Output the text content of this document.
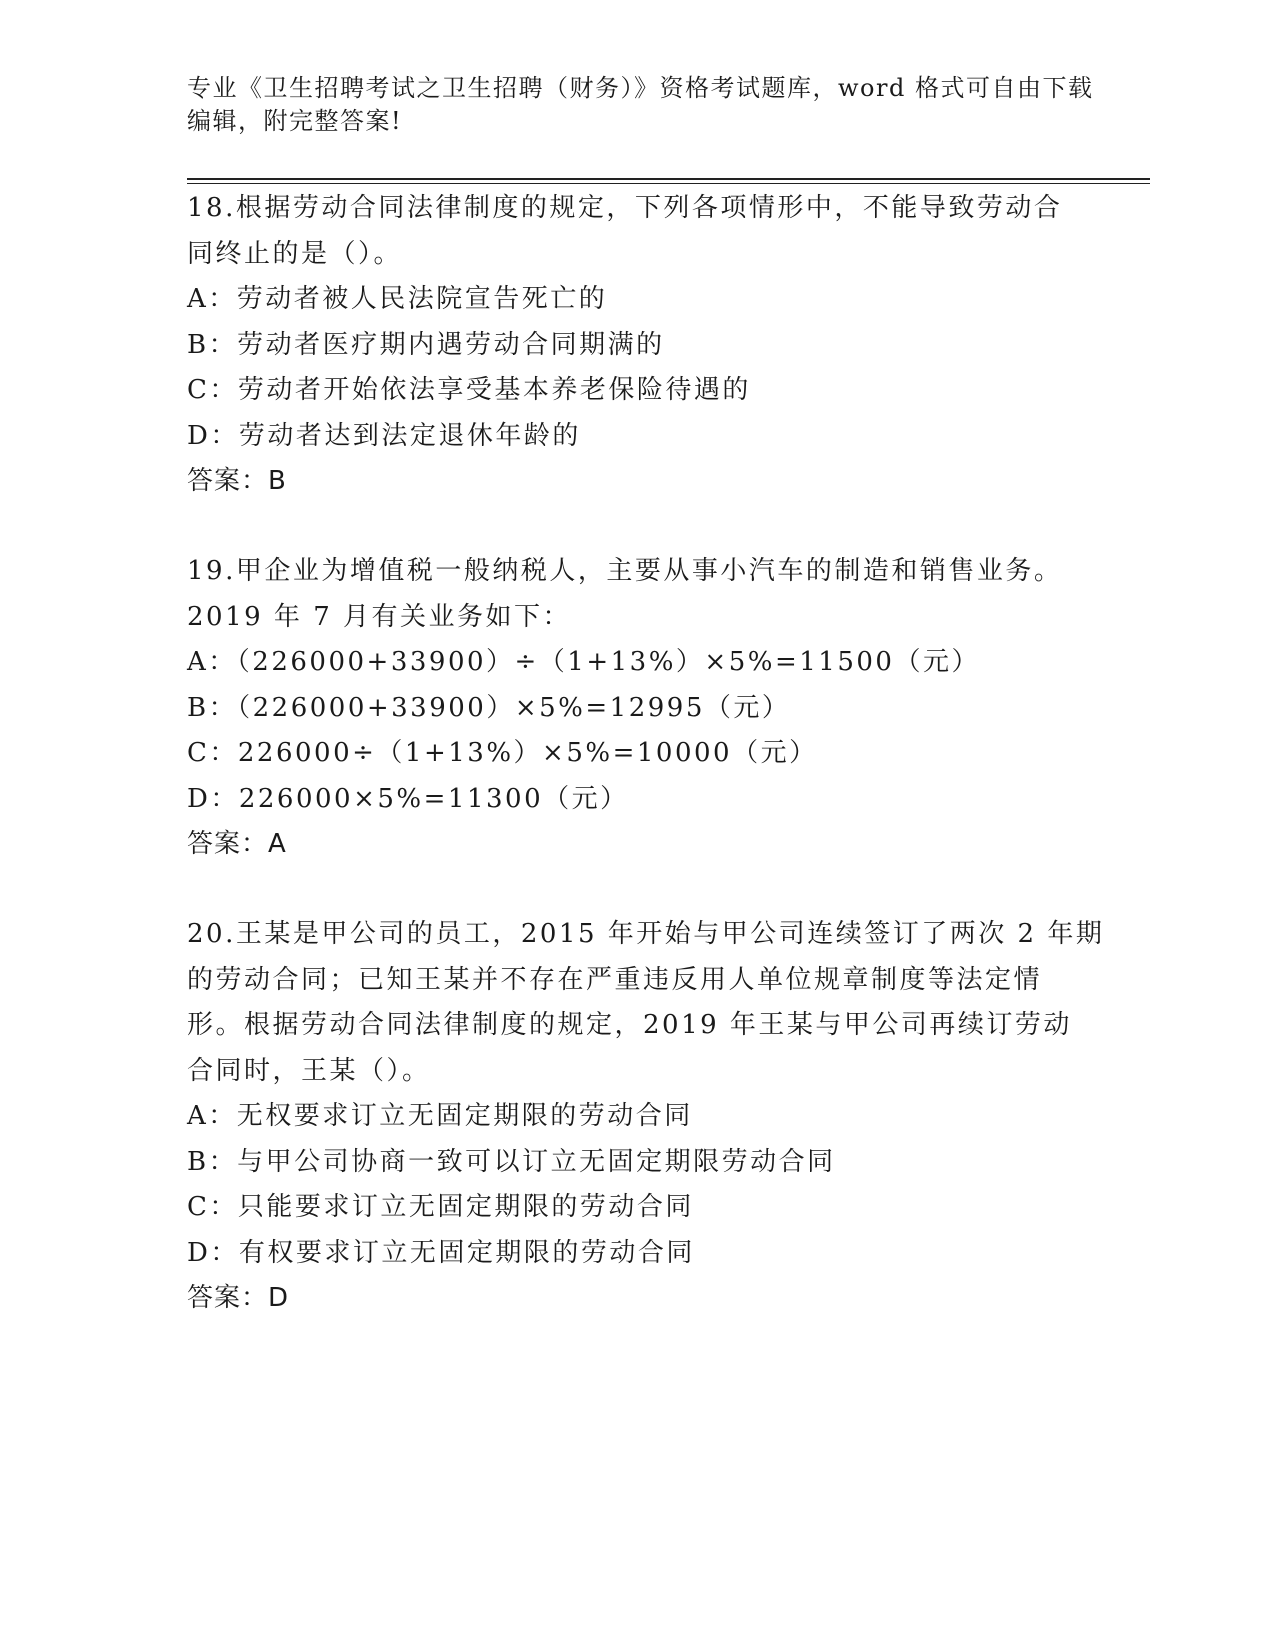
专业《卫生招聘考试之卫生招聘（财务）》资格考试题库，word 格式可自由下载
编辑，附完整答案!
18.根据劳动合同法律制度的规定，下列各项情形中，不能导致劳动合
同终止的是（）。
A：劳动者被人民法院宣告死亡的
B：劳动者医疗期内遇劳动合同期满的
C：劳动者开始依法享受基本养老保险待遇的
D：劳动者达到法定退休年龄的
答案：B
19.甲企业为增值税一般纳税人，主要从事小汽车的制造和销售业务。
2019 年 7 月有关业务如下：
A：（226000+33900）÷（1+13%）×5%=11500（元）
B：（226000+33900）×5%=12995（元）
C：226000÷（1+13%）×5%=10000（元）
D：226000×5%=11300（元）
答案：A
20.王某是甲公司的员工，2015 年开始与甲公司连续签订了两次 2 年期
的劳动合同；已知王某并不存在严重违反用人单位规章制度等法定情
形。根据劳动合同法律制度的规定，2019 年王某与甲公司再续订劳动
合同时，王某（）。
A：无权要求订立无固定期限的劳动合同
B：与甲公司协商一致可以订立无固定期限劳动合同
C：只能要求订立无固定期限的劳动合同
D：有权要求订立无固定期限的劳动合同
答案：D
